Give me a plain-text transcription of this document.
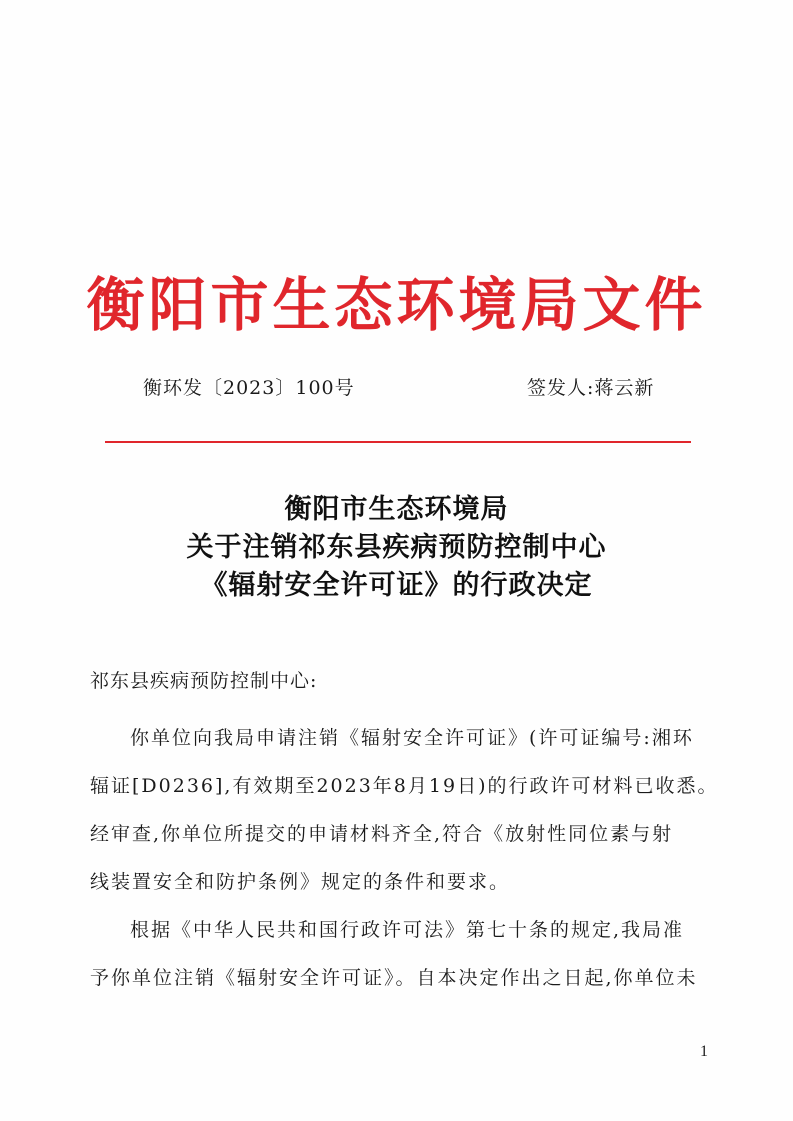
衡阳市生态环境局文件
衡环发〔2023〕100号	签发人:蒋云新
衡阳市生态环境局
关于注销祁东县疾病预防控制中心
《辐射安全许可证》的行政决定
祁东县疾病预防控制中心:
你单位向我局申请注销《辐射安全许可证》(许可证编号:湘环
辐证[D0236],有效期至2023年8月19日)的行政许可材料已收悉。
经审查,你单位所提交的申请材料齐全,符合《放射性同位素与射
线装置安全和防护条例》规定的条件和要求。
根据《中华人民共和国行政许可法》第七十条的规定,我局准
予你单位注销《辐射安全许可证》。自本决定作出之日起,你单位未
1
